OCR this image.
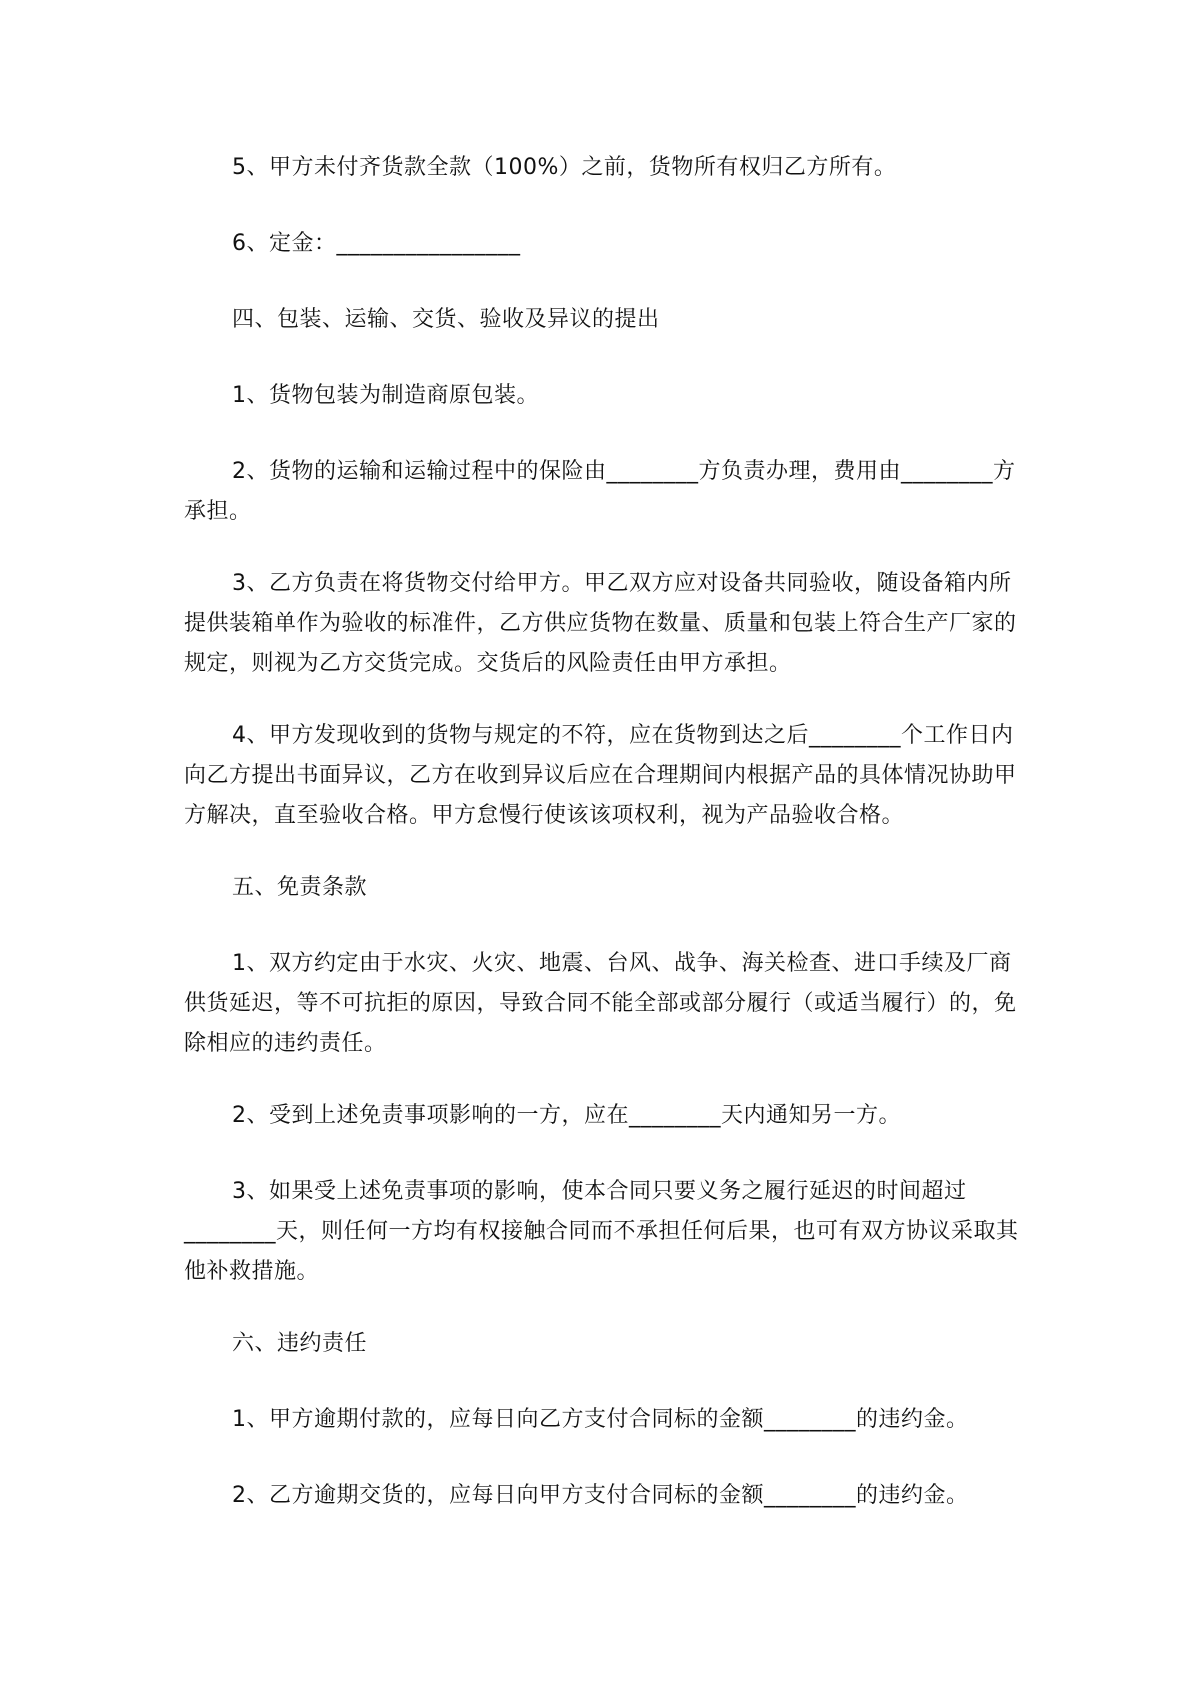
5、甲方未付齐货款全款（100%）之前，货物所有权归乙方所有。

6、定金：________________

四、包装、运输、交货、验收及异议的提出

1、货物包装为制造商原包装。

2、货物的运输和运输过程中的保险由________方负责办理，费用由________方承担。

3、乙方负责在将货物交付给甲方。甲乙双方应对设备共同验收，随设备箱内所提供装箱单作为验收的标准件，乙方供应货物在数量、质量和包装上符合生产厂家的规定，则视为乙方交货完成。交货后的风险责任由甲方承担。

4、甲方发现收到的货物与规定的不符，应在货物到达之后________个工作日内向乙方提出书面异议，乙方在收到异议后应在合理期间内根据产品的具体情况协助甲方解决，直至验收合格。甲方怠慢行使该该项权利，视为产品验收合格。

五、免责条款

1、双方约定由于水灾、火灾、地震、台风、战争、海关检查、进口手续及厂商供货延迟，等不可抗拒的原因，导致合同不能全部或部分履行（或适当履行）的，免除相应的违约责任。

2、受到上述免责事项影响的一方，应在________天内通知另一方。

3、如果受上述免责事项的影响，使本合同只要义务之履行延迟的时间超过________天，则任何一方均有权接触合同而不承担任何后果，也可有双方协议采取其他补救措施。

六、违约责任

1、甲方逾期付款的，应每日向乙方支付合同标的金额________的违约金。

2、乙方逾期交货的，应每日向甲方支付合同标的金额________的违约金。
